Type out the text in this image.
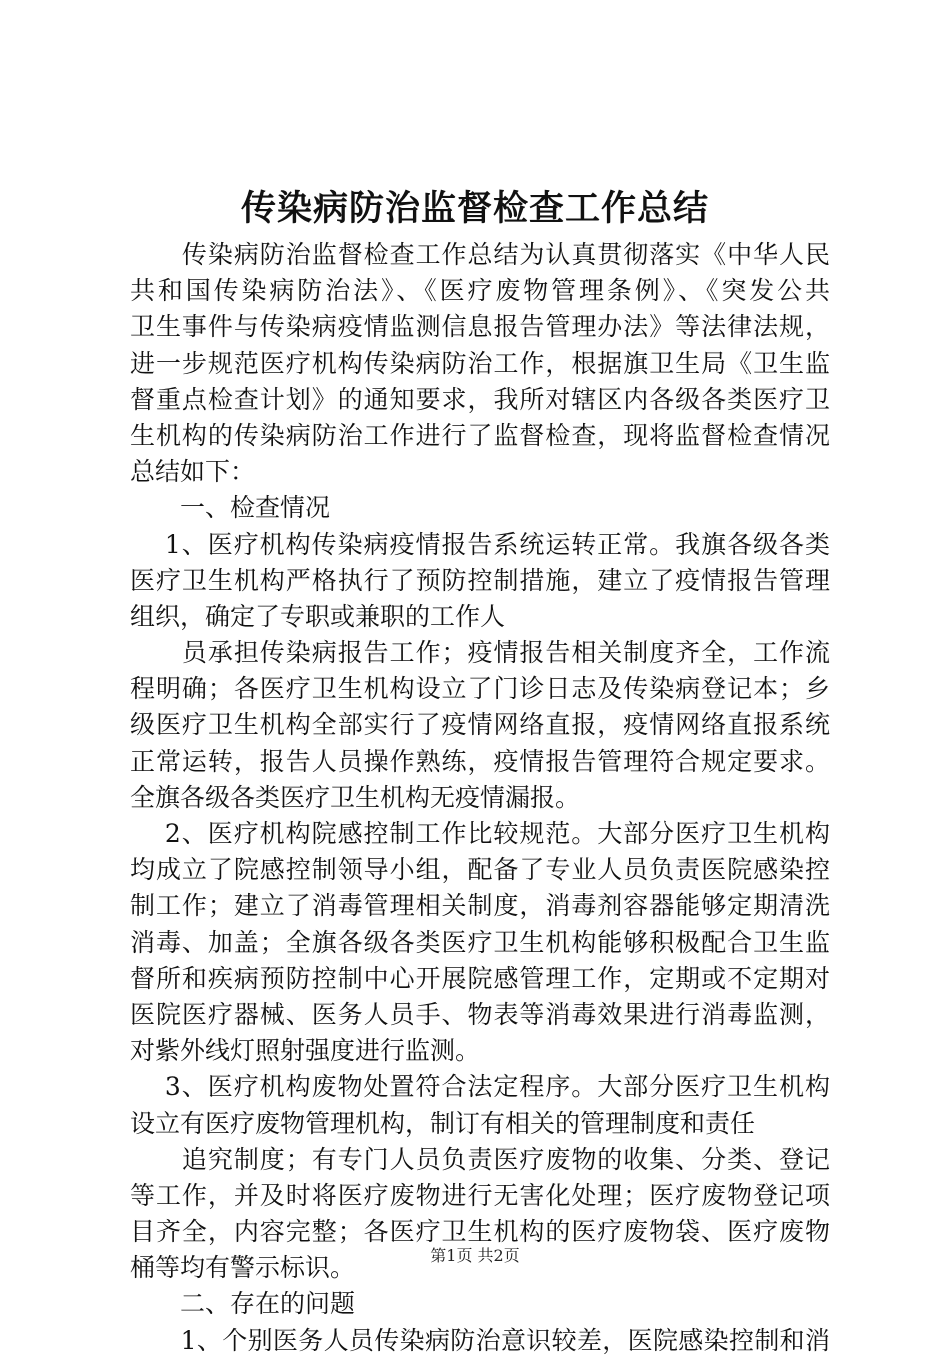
传染病防治监督检查工作总结
　　传染病防治监督检查工作总结为认真贯彻落实《中华人民
共和国传染病防治法》、《医疗废物管理条例》、《突发公共
卫生事件与传染病疫情监测信息报告管理办法》等法律法规，
进一步规范医疗机构传染病防治工作，根据旗卫生局《卫生监
督重点检查计划》的通知要求，我所对辖区内各级各类医疗卫
生机构的传染病防治工作进行了监督检查，现将监督检查情况
总结如下：
　　一、检查情况
　 1、医疗机构传染病疫情报告系统运转正常。我旗各级各类
医疗卫生机构严格执行了预防控制措施，建立了疫情报告管理
组织，确定了专职或兼职的工作人
　　员承担传染病报告工作；疫情报告相关制度齐全，工作流
程明确；各医疗卫生机构设立了门诊日志及传染病登记本；乡
级医疗卫生机构全部实行了疫情网络直报，疫情网络直报系统
正常运转，报告人员操作熟练，疫情报告管理符合规定要求。
全旗各级各类医疗卫生机构无疫情漏报。
　 2、医疗机构院感控制工作比较规范。大部分医疗卫生机构
均成立了院感控制领导小组，配备了专业人员负责医院感染控
制工作；建立了消毒管理相关制度，消毒剂容器能够定期清洗
消毒、加盖；全旗各级各类医疗卫生机构能够积极配合卫生监
督所和疾病预防控制中心开展院感管理工作，定期或不定期对
医院医疗器械、医务人员手、物表等消毒效果进行消毒监测，
对紫外线灯照射强度进行监测。
　 3、医疗机构废物处置符合法定程序。大部分医疗卫生机构
设立有医疗废物管理机构，制订有相关的管理制度和责任
　　追究制度；有专门人员负责医疗废物的收集、分类、登记
等工作，并及时将医疗废物进行无害化处理；医疗废物登记项
目齐全，内容完整；各医疗卫生机构的医疗废物袋、医疗废物
桶等均有警示标识。
　　二、存在的问题
　　1、个别医务人员传染病防治意识较差，医院感染控制和消
第1页 共2页
